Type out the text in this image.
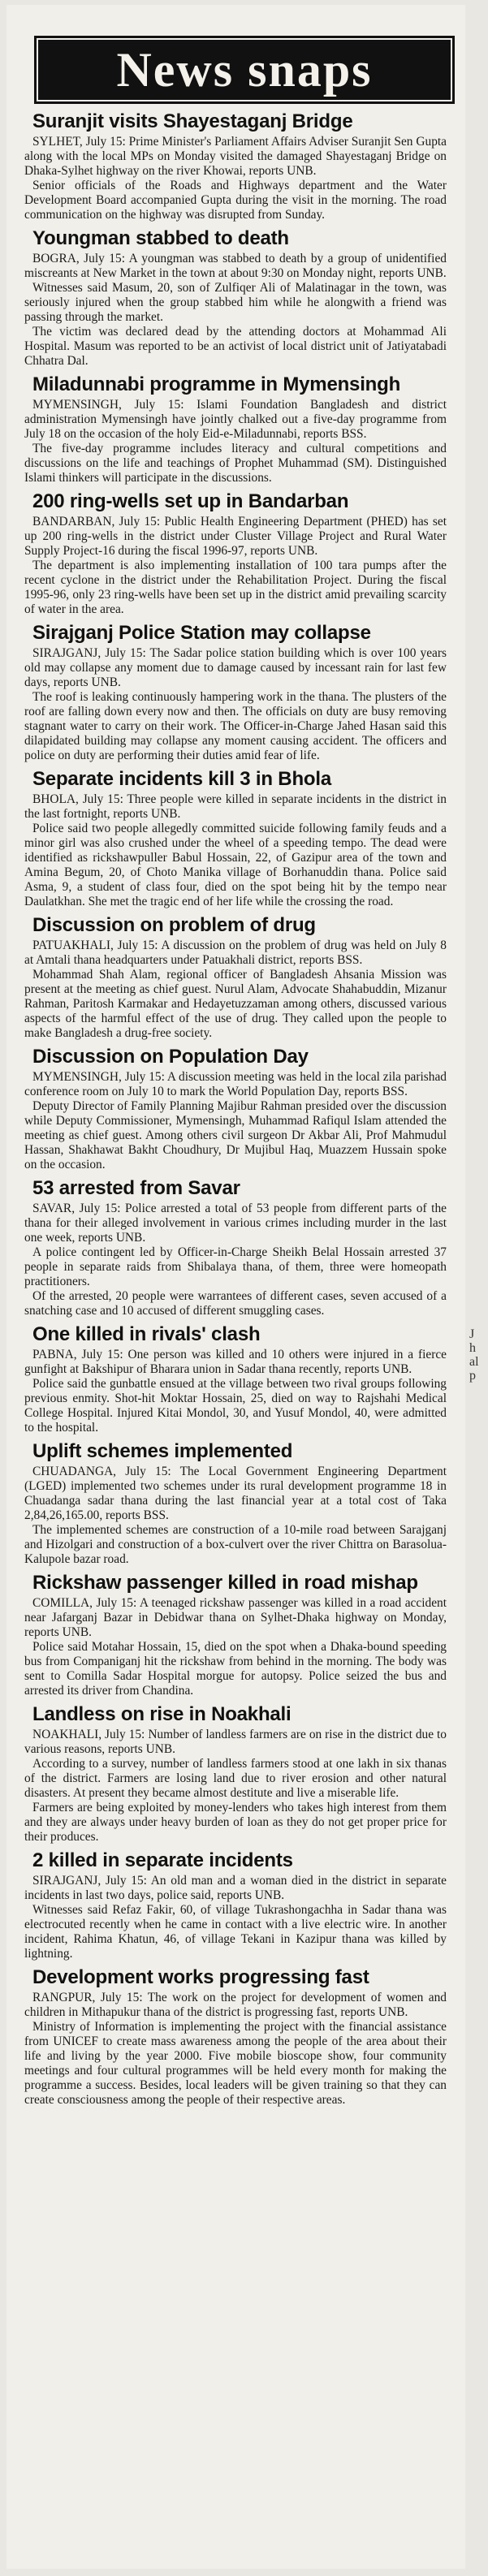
News snaps
Suranjit visits Shayestaganj Bridge

SYLHET, July 15: Prime Minister's Parliament Affairs Adviser Suranjit Sen Gupta along with the local MPs on Monday visited the damaged Shayestaganj Bridge on Dhaka-Sylhet highway on the river Khowai, reports UNB.

Senior officials of the Roads and Highways department and the Water Development Board accompanied Gupta during the visit in the morning. The road communication on the highway was disrupted from Sunday.

Youngman stabbed to death

BOGRA, July 15: A youngman was stabbed to death by a group of unidentified miscreants at New Market in the town at about 9:30 on Monday night, reports UNB.

Witnesses said Masum, 20, son of Zulfiqer Ali of Malatinagar in the town, was seriously injured when the group stabbed him while he alongwith a friend was passing through the market.

The victim was declared dead by the attending doctors at Mohammad Ali Hospital. Masum was reported to be an activist of local district unit of Jatiyatabadi Chhatra Dal.

Miladunnabi programme in Mymensingh

MYMENSINGH, July 15: Islami Foundation Bangladesh and district administration Mymensingh have jointly chalked out a five-day programme from July 18 on the occasion of the holy Eid-e-Miladunnabi, reports BSS.

The five-day programme includes literacy and cultural competitions and discussions on the life and teachings of Prophet Muhammad (SM). Distinguished Islami thinkers will participate in the discussions.

200 ring-wells set up in Bandarban

BANDARBAN, July 15: Public Health Engineering Department (PHED) has set up 200 ring-wells in the district under Cluster Village Project and Rural Water Supply Project-16 during the fiscal 1996-97, reports UNB.

The department is also implementing installation of 100 tara pumps after the recent cyclone in the district under the Rehabilitation Project. During the fiscal 1995-96, only 23 ring-wells have been set up in the district amid prevailing scarcity of water in the area.

Sirajganj Police Station may collapse

SIRAJGANJ, July 15: The Sadar police station building which is over 100 years old may collapse any moment due to damage caused by incessant rain for last few days, reports UNB.

The roof is leaking continuously hampering work in the thana. The plusters of the roof are falling down every now and then. The officials on duty are busy removing stagnant water to carry on their work. The Officer-in-Charge Jahed Hasan said this dilapidated building may collapse any moment causing accident. The officers and police on duty are performing their duties amid fear of life.

Separate incidents kill 3 in Bhola

BHOLA, July 15: Three people were killed in separate incidents in the district in the last fortnight, reports UNB.

Police said two people allegedly committed suicide following family feuds and a minor girl was also crushed under the wheel of a speeding tempo. The dead were identified as rickshawpuller Babul Hossain, 22, of Gazipur area of the town and Amina Begum, 20, of Choto Manika village of Borhanuddin thana. Police said Asma, 9, a student of class four, died on the spot being hit by the tempo near Daulatkhan. She met the tragic end of her life while the crossing the road.

Discussion on problem of drug

PATUAKHALI, July 15: A discussion on the problem of drug was held on July 8 at Amtali thana headquarters under Patuakhali district, reports BSS.

Mohammad Shah Alam, regional officer of Bangladesh Ahsania Mission was present at the meeting as chief guest. Nurul Alam, Advocate Shahabuddin, Mizanur Rahman, Paritosh Karmakar and Hedayetuzzaman among others, discussed various aspects of the harmful effect of the use of drug. They called upon the people to make Bangladesh a drug-free society.

Discussion on Population Day

MYMENSINGH, July 15: A discussion meeting was held in the local zila parishad conference room on July 10 to mark the World Population Day, reports BSS.

Deputy Director of Family Planning Majibur Rahman presided over the discussion while Deputy Commissioner, Mymensingh, Muhammad Rafiqul Islam attended the meeting as chief guest. Among others civil surgeon Dr Akbar Ali, Prof Mahmudul Hassan, Shakhawat Bakht Choudhury, Dr Mujibul Haq, Muazzem Hussain spoke on the occasion.

53 arrested from Savar

SAVAR, July 15: Police arrested a total of 53 people from different parts of the thana for their alleged involvement in various crimes including murder in the last one week, reports UNB.

A police contingent led by Officer-in-Charge Sheikh Belal Hossain arrested 37 people in separate raids from Shibalaya thana, of them, three were homeopath practitioners.

Of the arrested, 20 people were warrantees of different cases, seven accused of a snatching case and 10 accused of different smuggling cases.

One killed in rivals' clash

PABNA, July 15: One person was killed and 10 others were injured in a fierce gunfight at Bakshipur of Bharara union in Sadar thana recently, reports UNB.

Police said the gunbattle ensued at the village between two rival groups following previous enmity. Shot-hit Moktar Hossain, 25, died on way to Rajshahi Medical College Hospital. Injured Kitai Mondol, 30, and Yusuf Mondol, 40, were admitted to the hospital.

Uplift schemes implemented

CHUADANGA, July 15: The Local Government Engineering Department (LGED) implemented two schemes under its rural development programme 18 in Chuadanga sadar thana during the last financial year at a total cost of Taka 2,84,26,165.00, reports BSS.

The implemented schemes are construction of a 10-mile road between Sarajganj and Hizolgari and construction of a box-culvert over the river Chittra on Barasolua-Kalupole bazar road.

Rickshaw passenger killed in road mishap

COMILLA, July 15: A teenaged rickshaw passenger was killed in a road accident near Jafarganj Bazar in Debidwar thana on Sylhet-Dhaka highway on Monday, reports UNB.

Police said Motahar Hossain, 15, died on the spot when a Dhaka-bound speeding bus from Companiganj hit the rickshaw from behind in the morning. The body was sent to Comilla Sadar Hospital morgue for autopsy. Police seized the bus and arrested its driver from Chandina.

Landless on rise in Noakhali

NOAKHALI, July 15: Number of landless farmers are on rise in the district due to various reasons, reports UNB.

According to a survey, number of landless farmers stood at one lakh in six thanas of the district. Farmers are losing land due to river erosion and other natural disasters. At present they became almost destitute and live a miserable life.

Farmers are being exploited by money-lenders who takes high interest from them and they are always under heavy burden of loan as they do not get proper price for their produces.

2 killed in separate incidents

SIRAJGANJ, July 15: An old man and a woman died in the district in separate incidents in last two days, police said, reports UNB.

Witnesses said Refaz Fakir, 60, of village Tukrashongachha in Sadar thana was electrocuted recently when he came in contact with a live electric wire. In another incident, Rahima Khatun, 46, of village Tekani in Kazipur thana was killed by lightning.

Development works progressing fast

RANGPUR, July 15: The work on the project for development of women and children in Mithapukur thana of the district is progressing fast, reports UNB.

Ministry of Information is implementing the project with the financial assistance from UNICEF to create mass awareness among the people of the area about their life and living by the year 2000. Five mobile bioscope show, four community meetings and four cultural programmes will be held every month for making the programme a success. Besides, local leaders will be given training so that they can create consciousness among the people of their respective areas.

J
h
al
p
